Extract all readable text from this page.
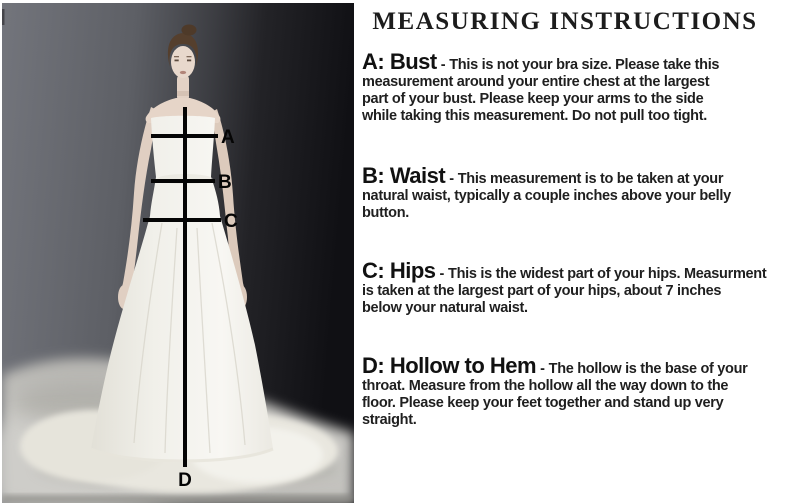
A
B
C
D
MEASURING INSTRUCTIONS

A: Bust - This is not your bra size. Please take this
measurement around your entire chest at the largest
part of your bust. Please keep your arms to the side
while taking this measurement. Do not pull too tight.

B: Waist - This measurement is to be taken at your
natural waist, typically a couple inches above your belly
button.

C: Hips - This is the widest part of your hips. Measurment
is taken at the largest part of your hips, about 7 inches
below your natural waist.

D: Hollow to Hem - The hollow is the base of your
throat. Measure from the hollow all the way down to the
floor. Please keep your feet together and stand up very
straight.
